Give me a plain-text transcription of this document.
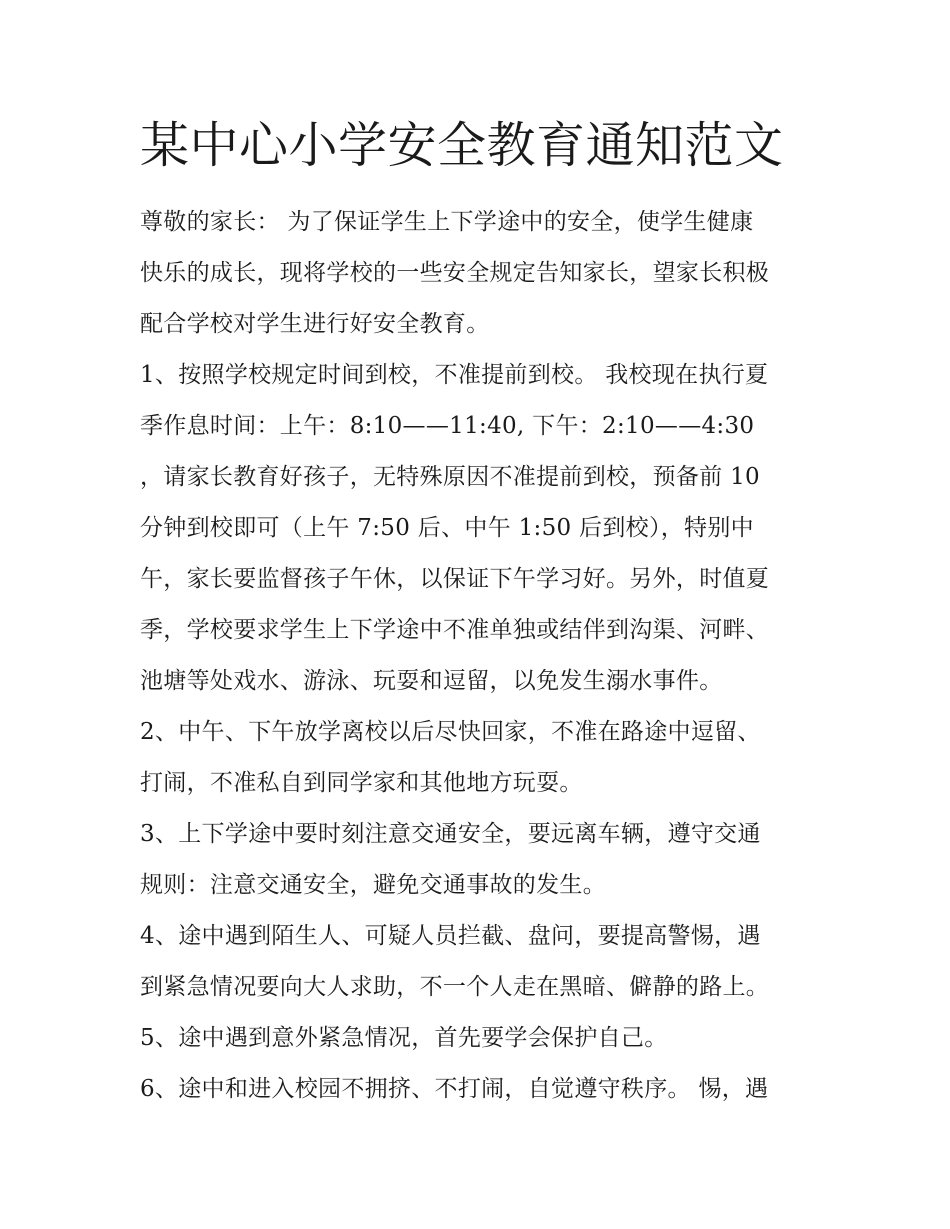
某中心小学安全教育通知范文
尊敬的家长： 为了保证学生上下学途中的安全，使学生健康
快乐的成长，现将学校的一些安全规定告知家长，望家长积极
配合学校对学生进行好安全教育。
1、按照学校规定时间到校，不准提前到校。 我校现在执行夏
季作息时间：上午：8:10——11:40, 下午：2:10——4:30
，请家长教育好孩子，无特殊原因不准提前到校，预备前 10
分钟到校即可（上午 7:50 后、中午 1:50 后到校），特别中
午，家长要监督孩子午休，以保证下午学习好。另外，时值夏
季，学校要求学生上下学途中不准单独或结伴到沟渠、河畔、
池塘等处戏水、游泳、玩耍和逗留，以免发生溺水事件。
2、中午、下午放学离校以后尽快回家，不准在路途中逗留、
打闹，不准私自到同学家和其他地方玩耍。
3、上下学途中要时刻注意交通安全，要远离车辆，遵守交通
规则：注意交通安全，避免交通事故的发生。
4、途中遇到陌生人、可疑人员拦截、盘问，要提高警惕，遇
到紧急情况要向大人求助，不一个人走在黑暗、僻静的路上。
5、途中遇到意外紧急情况，首先要学会保护自己。
6、途中和进入校园不拥挤、不打闹，自觉遵守秩序。 惕，遇
